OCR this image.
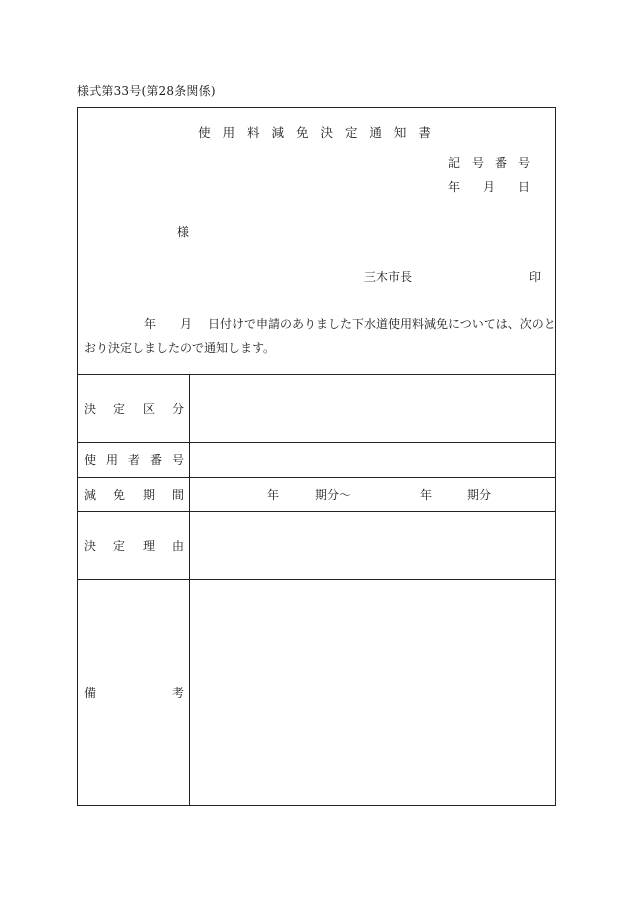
様式第33号(第28条関係)
使 用 料 減 免 決 定 通 知 書
記 号 番 号
年 月 日
様
三木市長	印
年 月 日付けで申請のありました下水道使用料減免については、次のと
おり決定しましたので通知します。
決 定 区 分
使 用 者 番 号
減 免 期 間	年	期分～	年	期分
決 定 理 由
備	考
